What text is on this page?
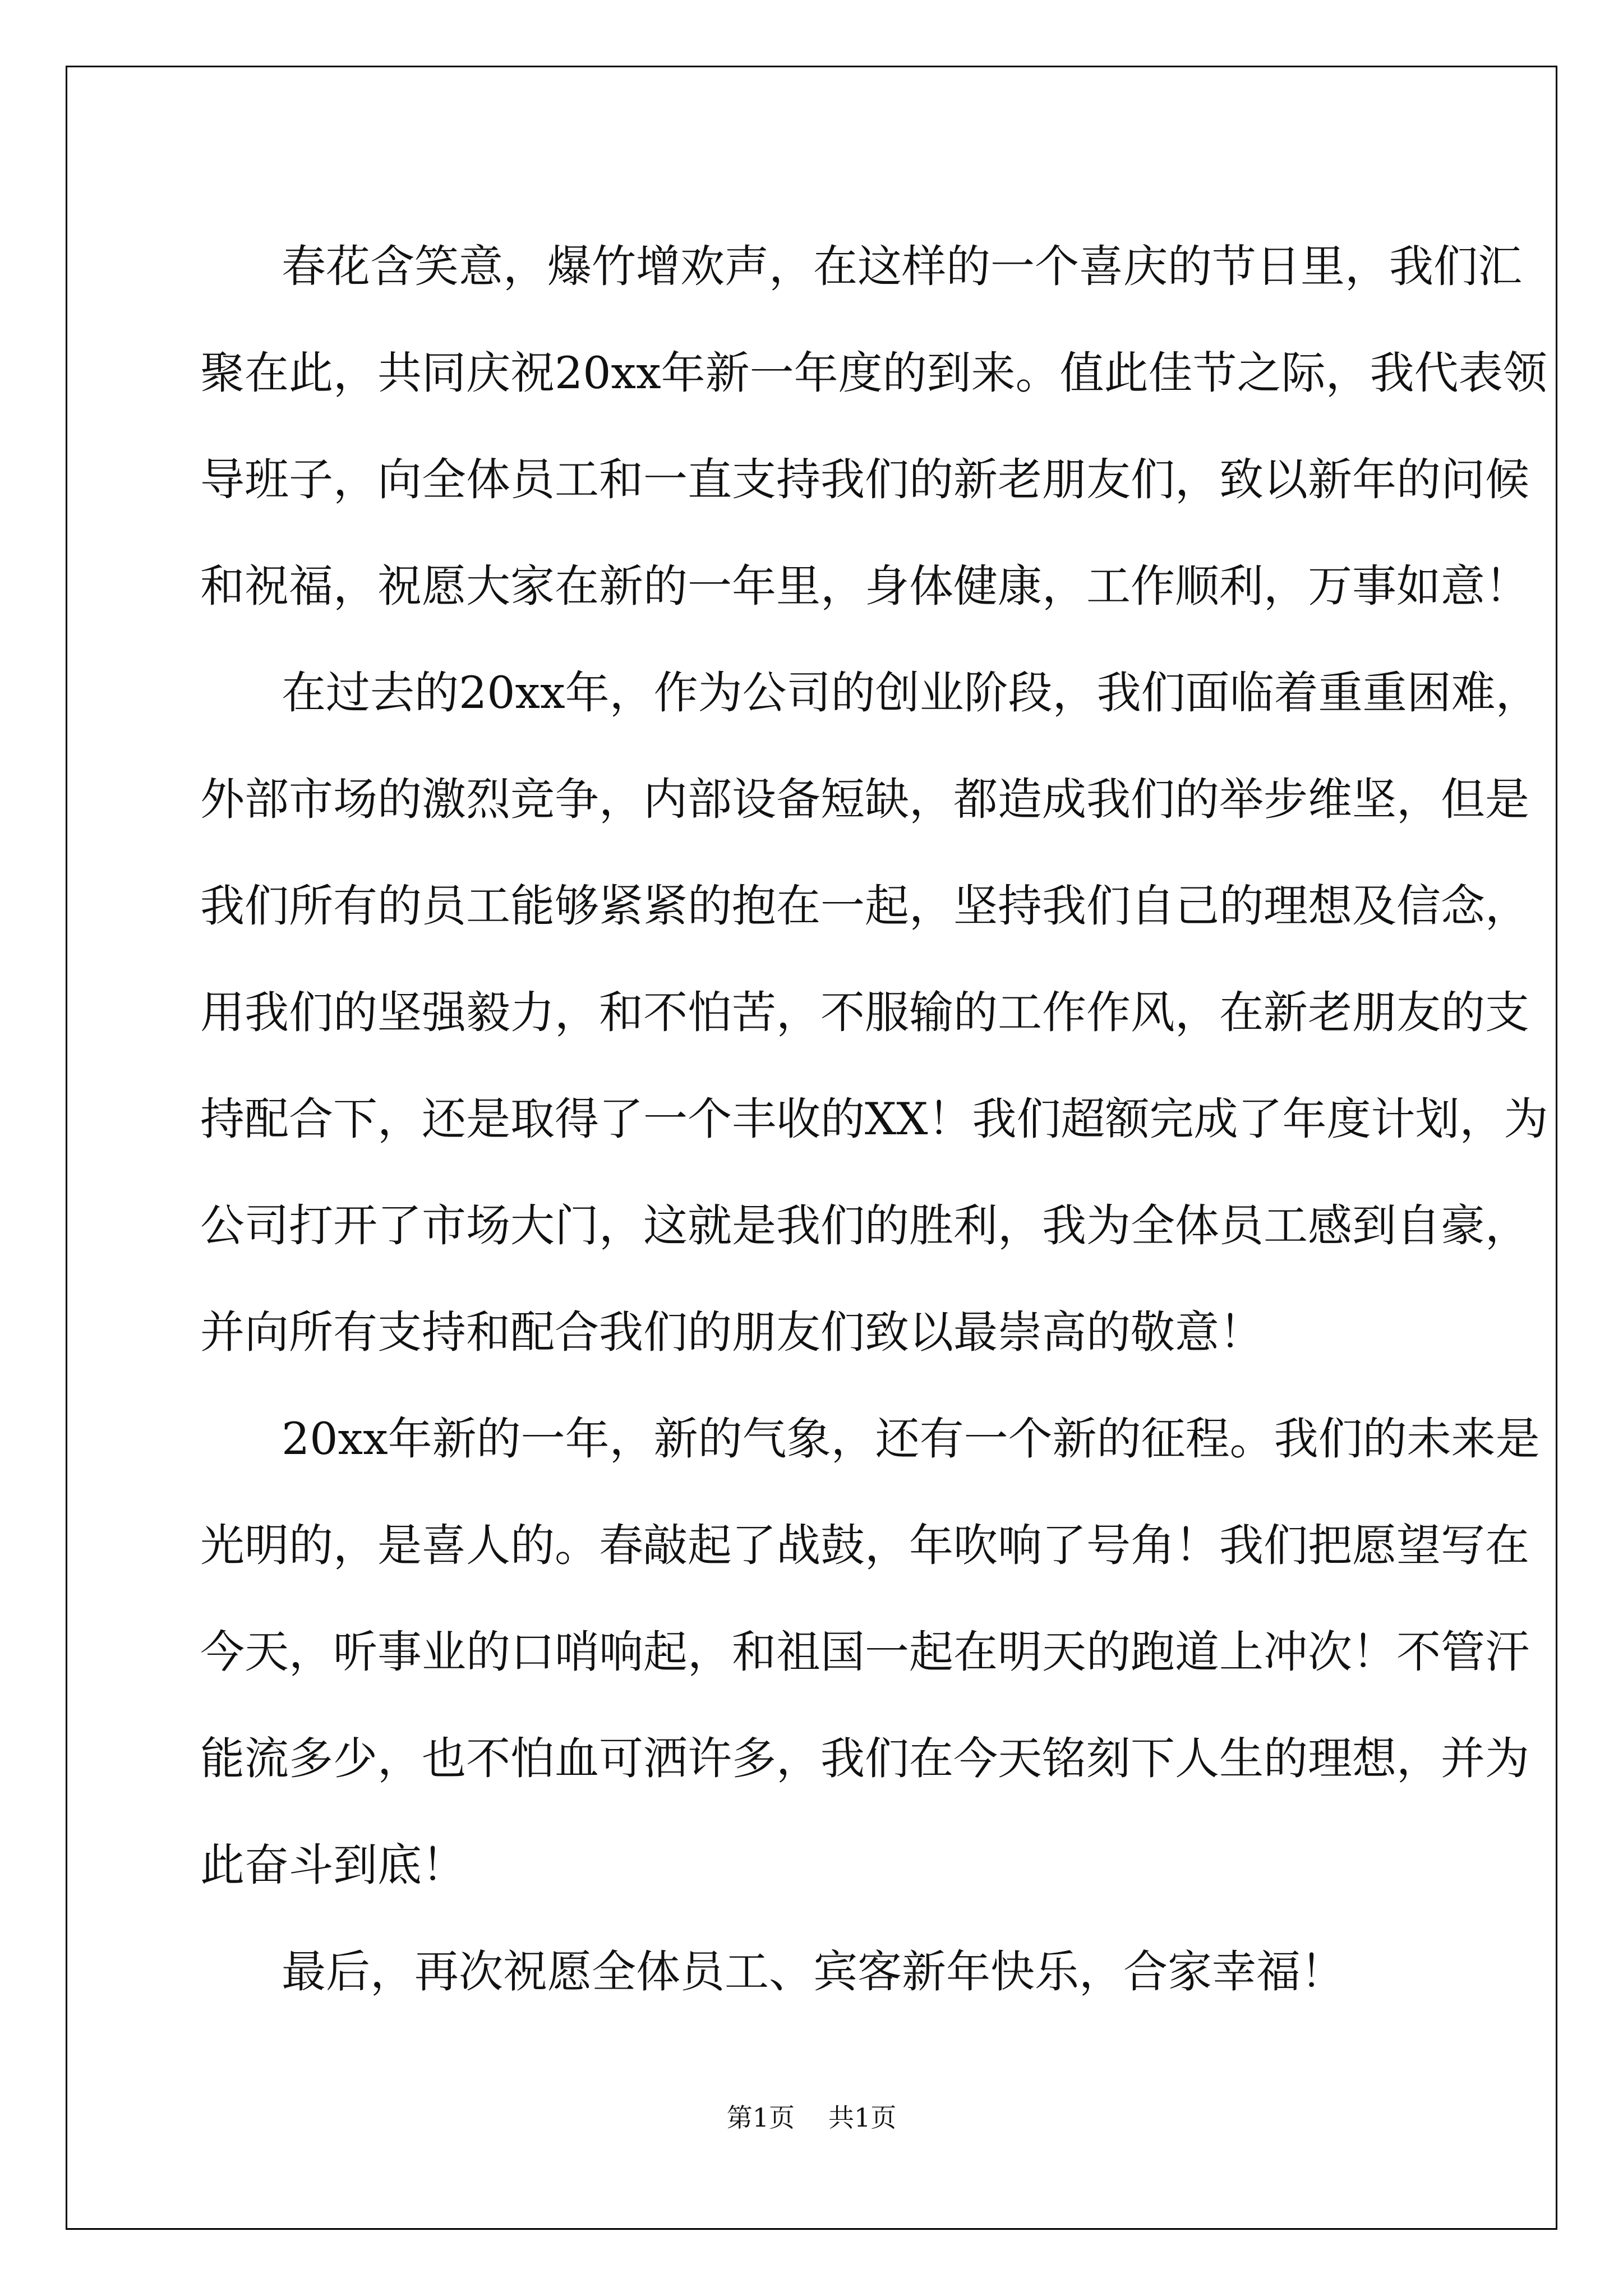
春花含笑意，爆竹增欢声，在这样的一个喜庆的节日里，我们汇
聚在此，共同庆祝20xx年新一年度的到来。值此佳节之际，我代表领
导班子，向全体员工和一直支持我们的新老朋友们，致以新年的问候
和祝福，祝愿大家在新的一年里，身体健康，工作顺利，万事如意！
在过去的20xx年，作为公司的创业阶段，我们面临着重重困难，
外部市场的激烈竞争，内部设备短缺，都造成我们的举步维坚，但是
我们所有的员工能够紧紧的抱在一起，坚持我们自己的理想及信念，
用我们的坚强毅力，和不怕苦，不服输的工作作风，在新老朋友的支
持配合下，还是取得了一个丰收的XX！我们超额完成了年度计划，为
公司打开了市场大门，这就是我们的胜利，我为全体员工感到自豪，
并向所有支持和配合我们的朋友们致以最崇高的敬意！
20xx年新的一年，新的气象，还有一个新的征程。我们的未来是
光明的，是喜人的。春敲起了战鼓，年吹响了号角！我们把愿望写在
今天，听事业的口哨响起，和祖国一起在明天的跑道上冲次！不管汗
能流多少，也不怕血可洒许多，我们在今天铭刻下人生的理想，并为
此奋斗到底！
最后，再次祝愿全体员工、宾客新年快乐，合家幸福！
第1页 共1页
